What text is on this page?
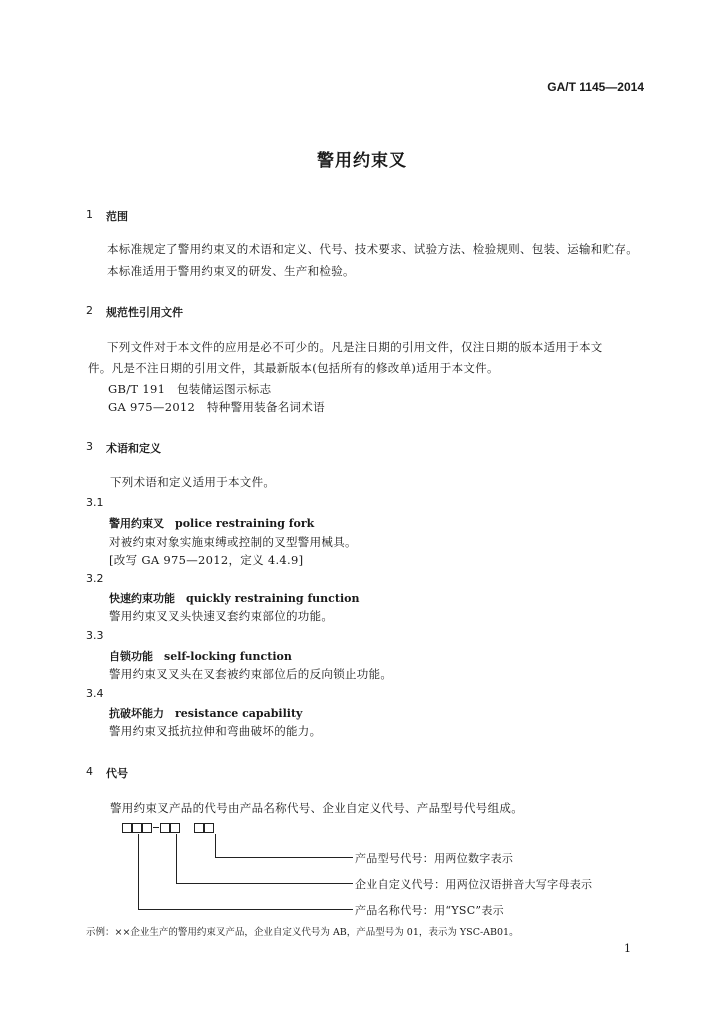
GA/T 1145—2014
警用约束叉
1 范围
本标准规定了警用约束叉的术语和定义、代号、技术要求、试验方法、检验规则、包装、运输和贮存。
本标准适用于警用约束叉的研发、生产和检验。
2 规范性引用文件
下列文件对于本文件的应用是必不可少的。凡是注日期的引用文件，仅注日期的版本适用于本文
件。凡是不注日期的引用文件，其最新版本(包括所有的修改单)适用于本文件。
GB/T 191　包装储运图示标志
GA 975—2012　特种警用装备名词术语
3 术语和定义
下列术语和定义适用于本文件。
3.1
警用约束叉　police restraining fork
对被约束对象实施束缚或控制的叉型警用械具。
[改写 GA 975—2012，定义 4.4.9]
3.2
快速约束功能　quickly restraining function
警用约束叉叉头快速叉套约束部位的功能。
3.3
自锁功能　self-locking function
警用约束叉叉头在叉套被约束部位后的反向锁止功能。
3.4
抗破坏能力　resistance capability
警用约束叉抵抗拉伸和弯曲破坏的能力。
4 代号
警用约束叉产品的代号由产品名称代号、企业自定义代号、产品型号代号组成。
产品型号代号：用两位数字表示
企业自定义代号：用两位汉语拼音大写字母表示
产品名称代号：用“YSC”表示
示例：××企业生产的警用约束叉产品，企业自定义代号为 AB，产品型号为 01，表示为 YSC-AB01。
1
